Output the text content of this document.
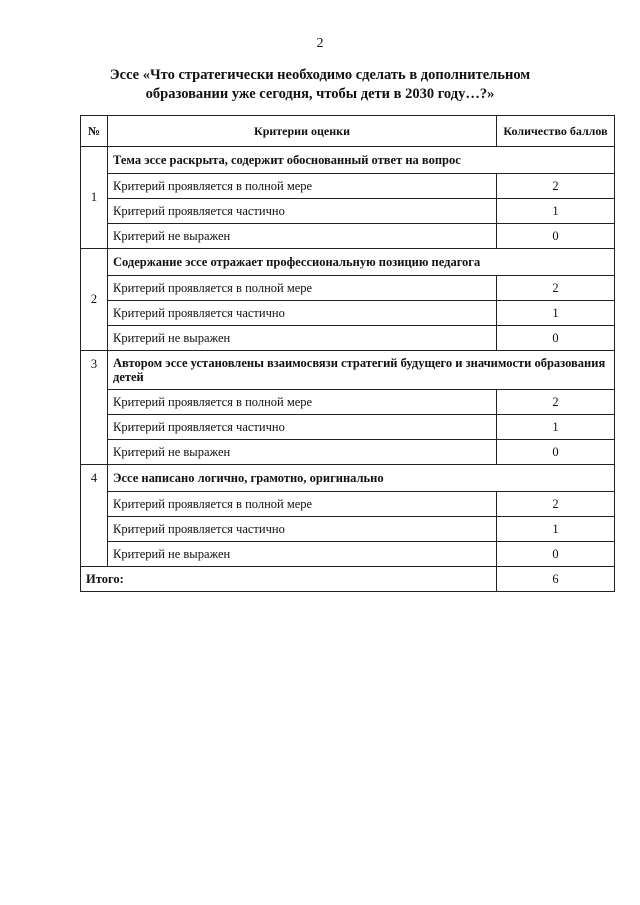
2
Эссе «Что стратегически необходимо сделать в дополнительном
образовании уже сегодня, чтобы дети в 2030 году…?»
№	Критерии оценки	Количество баллов
1	Тема эссе раскрыта, содержит обоснованный ответ на вопрос	
	Критерий проявляется в полной мере	2
	Критерий проявляется частично	1
	Критерий не выражен	0
2	Содержание эссе отражает профессиональную позицию педагога	
	Критерий проявляется в полной мере	2
	Критерий проявляется частично	1
	Критерий не выражен	0
3	Автором эссе установлены взаимосвязи стратегий будущего и значимости образования детей	
	Критерий проявляется в полной мере	2
	Критерий проявляется частично	1
	Критерий не выражен	0
4	Эссе написано логично, грамотно, оригинально	
	Критерий проявляется в полной мере	2
	Критерий проявляется частично	1
	Критерий не выражен	0
Итого:		6
